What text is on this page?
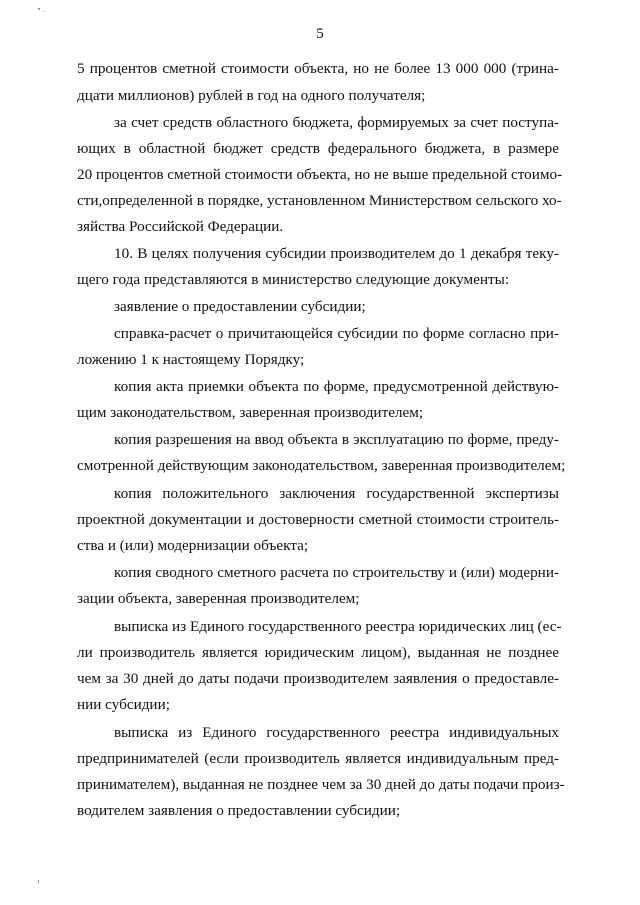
5
5 процентов сметной стоимости объекта, но не более 13 000 000 (трина-
дцати миллионов) рублей в год на одного получателя;
за счет средств областного бюджета, формируемых за счет поступа-
ющих в областной бюджет средств федерального бюджета, в размере
20 процентов сметной стоимости объекта, но не выше предельной стоимо-
сти,определенной в порядке, установленном Министерством сельского хо-
зяйства Российской Федерации.
10. В целях получения субсидии производителем до 1 декабря теку-
щего года представляются в министерство следующие документы:
заявление о предоставлении субсидии;
справка-расчет о причитающейся субсидии по форме согласно при-
ложению 1 к настоящему Порядку;
копия акта приемки объекта по форме, предусмотренной действую-
щим законодательством, заверенная производителем;
копия разрешения на ввод объекта в эксплуатацию по форме, преду-
смотренной действующим законодательством, заверенная производителем;
копия положительного заключения государственной экспертизы
проектной документации и достоверности сметной стоимости строитель-
ства и (или) модернизации объекта;
копия сводного сметного расчета по строительству и (или) модерни-
зации объекта, заверенная производителем;
выписка из Единого государственного реестра юридических лиц (ес-
ли производитель является юридическим лицом), выданная не позднее
чем за 30 дней до даты подачи производителем заявления о предоставле-
нии субсидии;
выписка из Единого государственного реестра индивидуальных
предпринимателей (если производитель является индивидуальным пред-
принимателем), выданная не позднее чем за 30 дней до даты подачи произ-
водителем заявления о предоставлении субсидии;
